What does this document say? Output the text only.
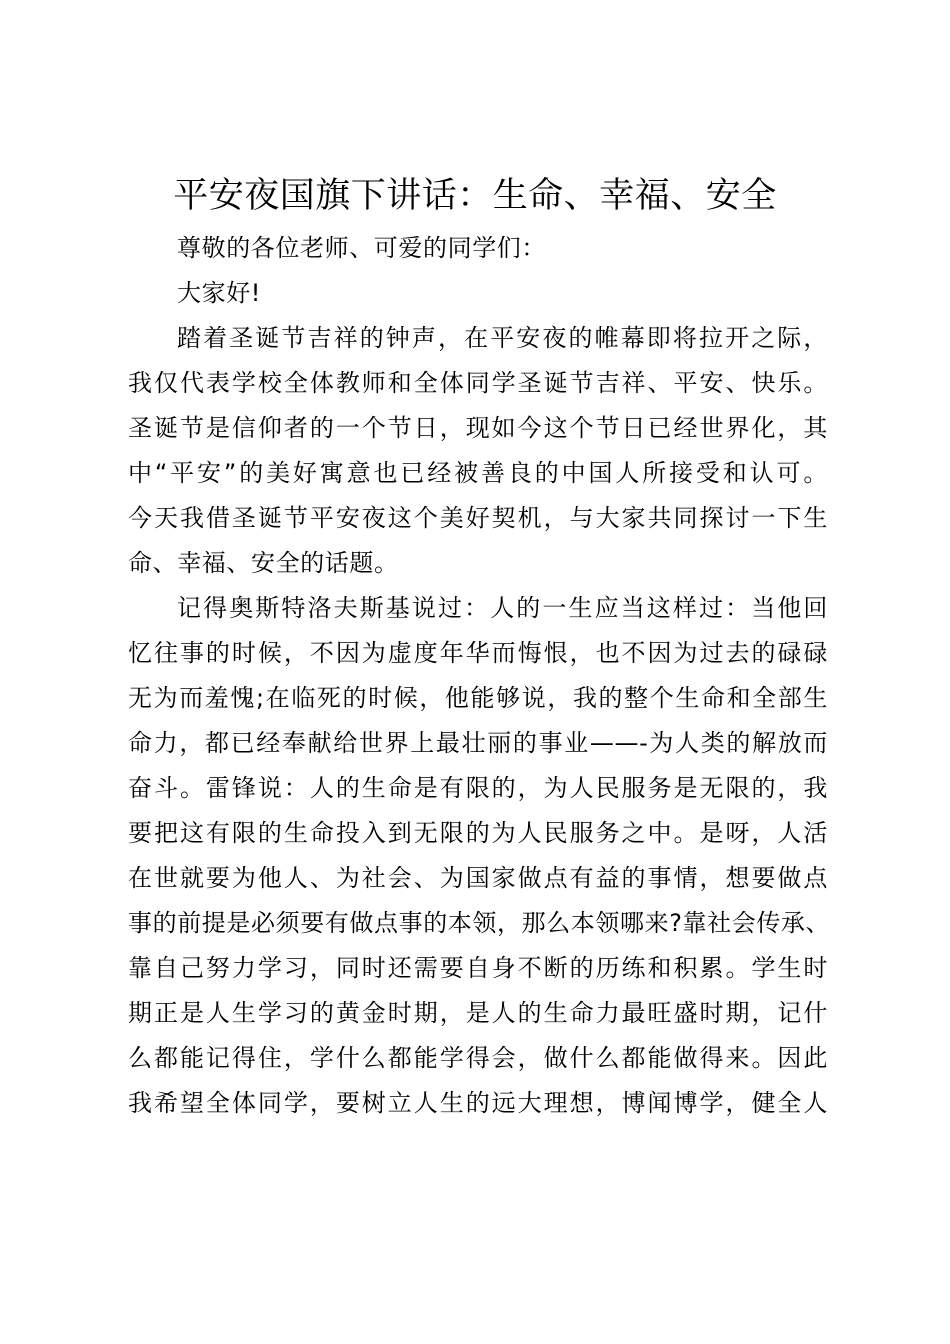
平安夜国旗下讲话：生命、幸福、安全
尊敬的各位老师、可爱的同学们：
大家好!
踏着圣诞节吉祥的钟声，在平安夜的帷幕即将拉开之际，
我仅代表学校全体教师和全体同学圣诞节吉祥、平安、快乐。
圣诞节是信仰者的一个节日，现如今这个节日已经世界化，其
中“平安”的美好寓意也已经被善良的中国人所接受和认可。
今天我借圣诞节平安夜这个美好契机，与大家共同探讨一下生
命、幸福、安全的话题。
记得奥斯特洛夫斯基说过：人的一生应当这样过：当他回
忆往事的时候，不因为虚度年华而悔恨，也不因为过去的碌碌
无为而羞愧;在临死的时候，他能够说，我的整个生命和全部生
命力，都已经奉献给世界上最壮丽的事业——-为人类的解放而
奋斗。雷锋说：人的生命是有限的，为人民服务是无限的，我
要把这有限的生命投入到无限的为人民服务之中。是呀，人活
在世就要为他人、为社会、为国家做点有益的事情，想要做点
事的前提是必须要有做点事的本领，那么本领哪来?靠社会传承、
靠自己努力学习，同时还需要自身不断的历练和积累。学生时
期正是人生学习的黄金时期，是人的生命力最旺盛时期，记什
么都能记得住，学什么都能学得会，做什么都能做得来。因此
我希望全体同学，要树立人生的远大理想，博闻博学，健全人
